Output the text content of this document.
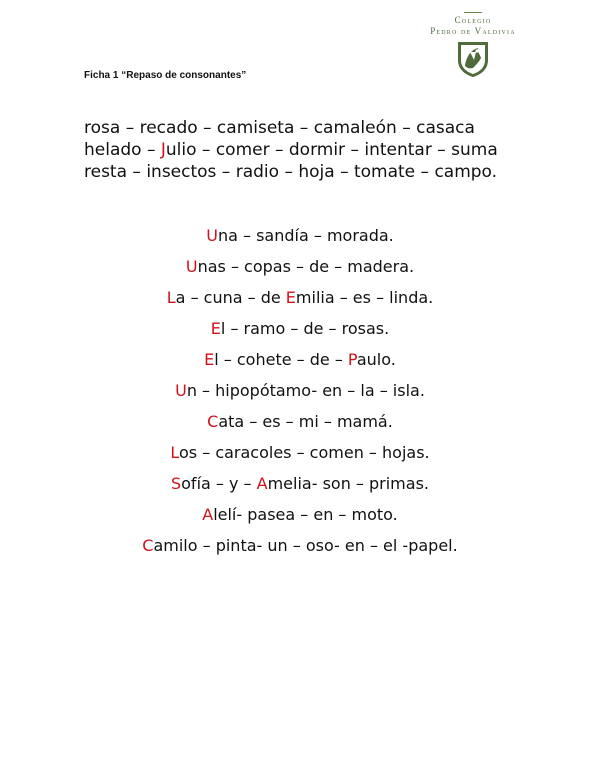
Colegio
Pedro de Valdivia
Ficha 1 “Repaso de consonantes”
rosa – recado – camiseta – camaleón – casaca
helado – Julio – comer – dormir – intentar – suma
resta – insectos – radio – hoja – tomate – campo.
Una – sandía – morada.
Unas – copas – de – madera.
La – cuna – de Emilia – es – linda.
El – ramo – de – rosas.
El – cohete – de – Paulo.
Un – hipopótamo- en – la – isla.
Cata – es – mi – mamá.
Los – caracoles – comen – hojas.
Sofía – y – Amelia- son – primas.
Alelí- pasea – en – moto.
Camilo – pinta- un – oso- en – el -papel.
